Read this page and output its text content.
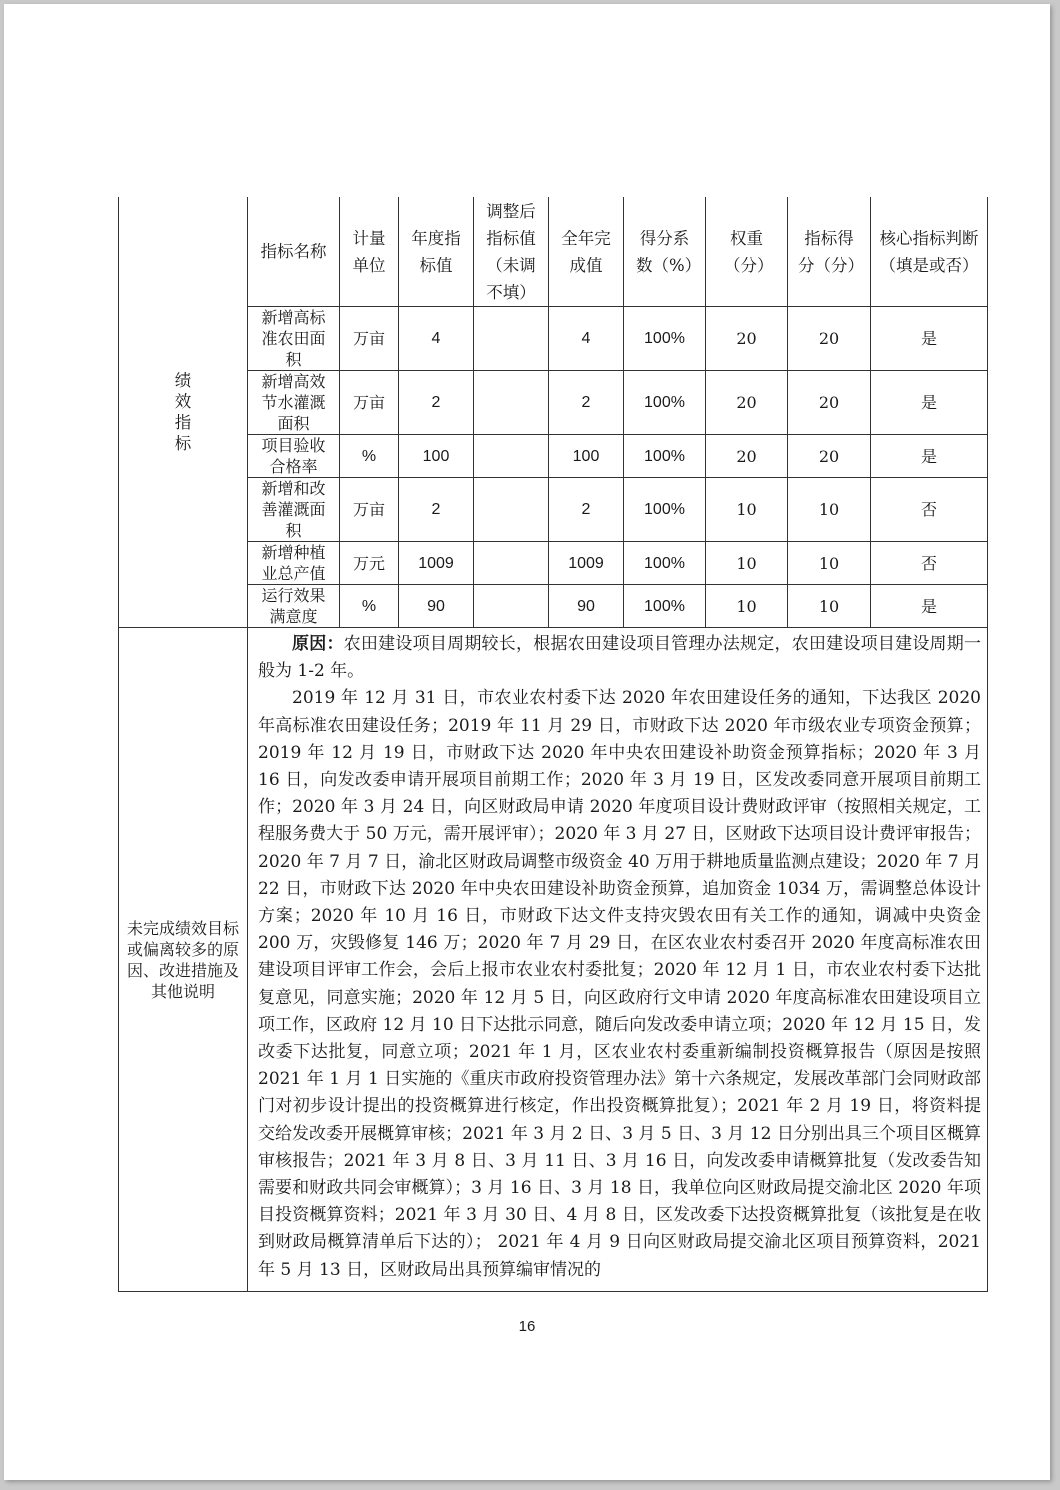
绩效指标	指标名称	计量单位	年度指标值	调整后指标值（未调不填）	全年完成值	得分系数（%）	权重（分）	指标得分（分）	核心指标判断（填是或否）
	新增高标准农田面积	万亩	4		4	100%	20	20	是
	新增高效节水灌溉面积	万亩	2		2	100%	20	20	是
	项目验收合格率	%	100		100	100%	20	20	是
	新增和改善灌溉面积	万亩	2		2	100%	10	10	否
	新增种植业总产值	万元	1009		1009	100%	10	10	否
	运行效果满意度	%	90		90	100%	10	10	是
未完成绩效目标或偏离较多的原因、改进措施及其他说明	原因：农田建设项目周期较长，根据农田建设项目管理办法规定，农田建设项目建设周期一般为 1-2 年。

2019 年 12 月 31 日，市农业农村委下达 2020 年农田建设任务的通知，下达我区 2020 年高标准农田建设任务；2019 年 11 月 29 日，市财政下达 2020 年市级农业专项资金预算；2019 年 12 月 19 日，市财政下达 2020 年中央农田建设补助资金预算指标；2020 年 3 月 16 日，向发改委申请开展项目前期工作；2020 年 3 月 19 日，区发改委同意开展项目前期工作；2020 年 3 月 24 日，向区财政局申请 2020 年度项目设计费财政评审（按照相关规定，工程服务费大于 50 万元，需开展评审）；2020 年 3 月 27 日，区财政下达项目设计费评审报告；2020 年 7 月 7 日，渝北区财政局调整市级资金 40 万用于耕地质量监测点建设；2020 年 7 月 22 日，市财政下达 2020 年中央农田建设补助资金预算，追加资金 1034 万，需调整总体设计方案；2020 年 10 月 16 日，市财政下达文件支持灾毁农田有关工作的通知，调减中央资金 200 万，灾毁修复 146 万；2020 年 7 月 29 日，在区农业农村委召开 2020 年度高标准农田建设项目评审工作会，会后上报市农业农村委批复；2020 年 12 月 1 日，市农业农村委下达批复意见，同意实施；2020 年 12 月 5 日，向区政府行文申请 2020 年度高标准农田建设项目立项工作，区政府 12 月 10 日下达批示同意，随后向发改委申请立项；2020 年 12 月 15 日，发改委下达批复，同意立项；2021 年 1 月，区农业农村委重新编制投资概算报告（原因是按照 2021 年 1 月 1 日实施的《重庆市政府投资管理办法》第十六条规定，发展改革部门会同财政部门对初步设计提出的投资概算进行核定，作出投资概算批复）；2021 年 2 月 19 日，将资料提交给发改委开展概算审核；2021 年 3 月 2 日、3 月 5 日、3 月 12 日分别出具三个项目区概算审核报告；2021 年 3 月 8 日、3 月 11 日、3 月 16 日，向发改委申请概算批复（发改委告知需要和财政共同会审概算）；3 月 16 日、3 月 18 日，我单位向区财政局提交渝北区 2020 年项目投资概算资料；2021 年 3 月 30 日、4 月 8 日，区发改委下达投资概算批复（该批复是在收到财政局概算清单后下达的）； 2021 年 4 月 9 日向区财政局提交渝北区项目预算资料，2021 年 5 月 13 日，区财政局出具预算编审情况的								

16
